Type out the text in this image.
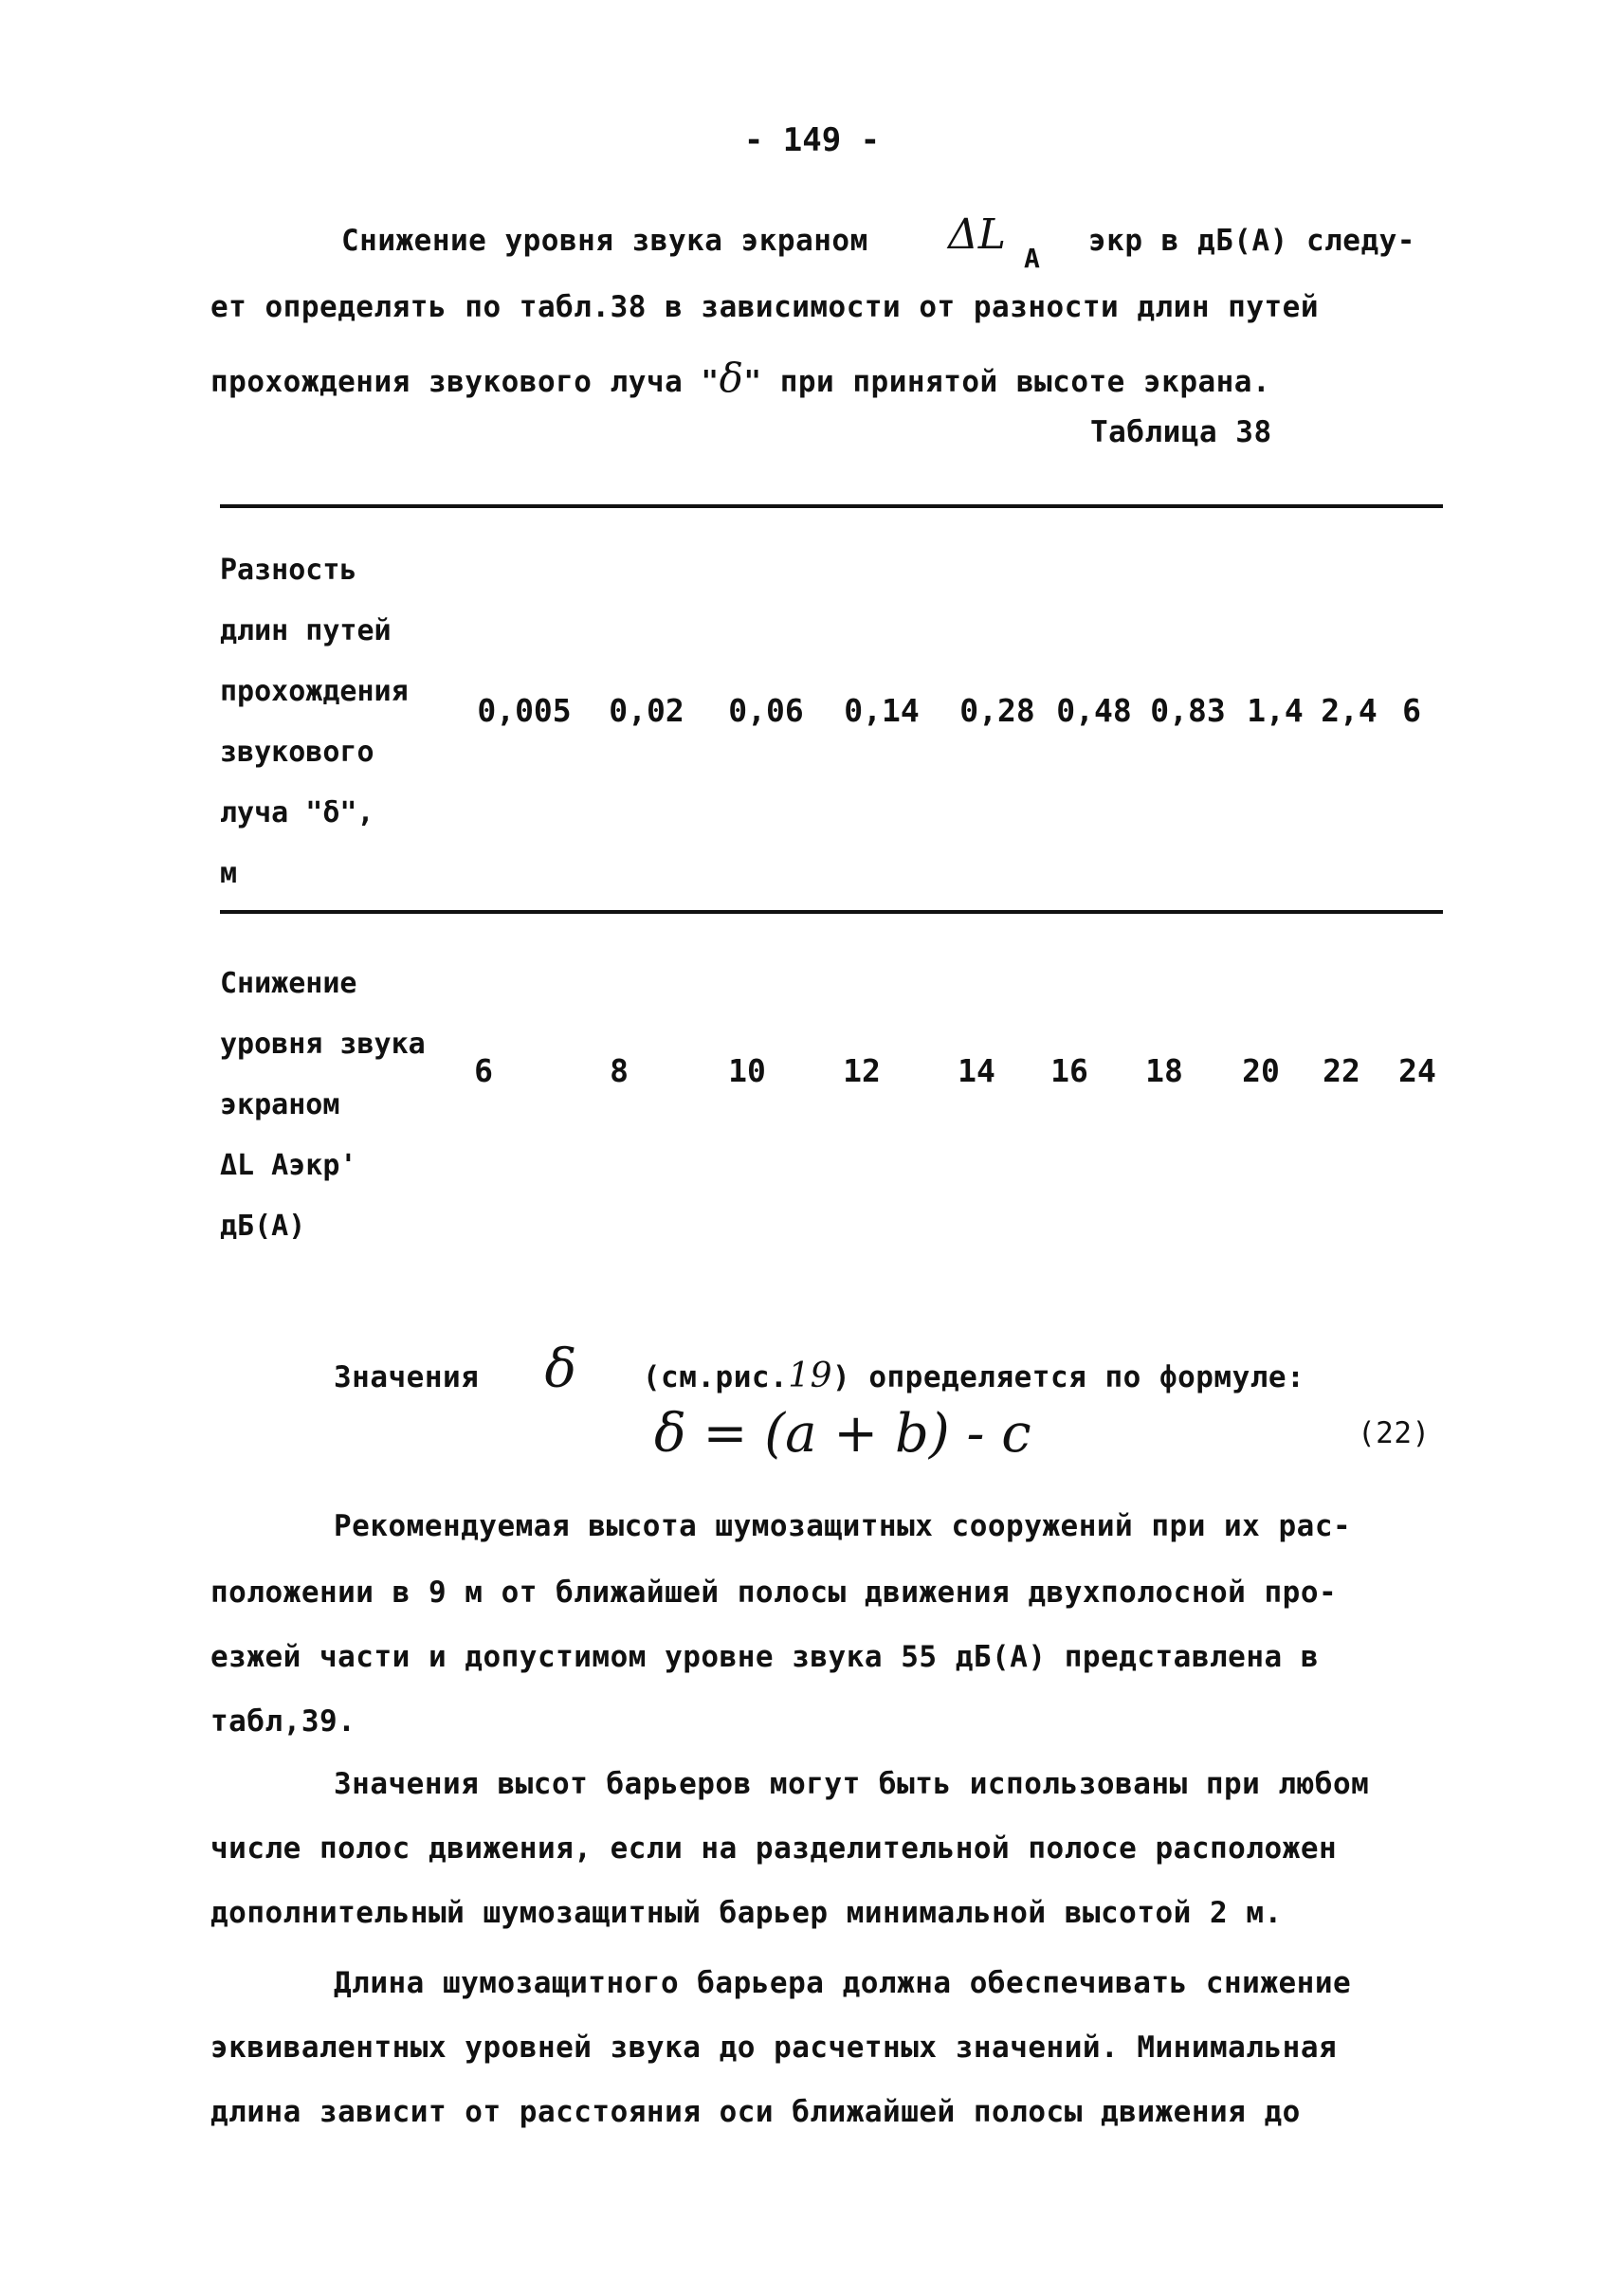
- 149 -
Снижение уровня звука экраном ΔL A
экр в дБ(А) следу-
ет определять по табл.38 в зависимости от разности длин путей
прохождения звукового луча "δ" при принятой высоте экрана.
Таблица 38
Разность
длин путей
прохождения
звукового
луча "δ",
м
0,005	0,02	0,06	0,14	0,28 0,48 0,83 1,4 2,4 6
Снижение
уровня звука
экраном
ΔL Аэкр'
дБ(А)
6	8	10	12	14	16	18	20	22	24
Значения δ (см.рис.19) определяется по формуле:
δ = (a + b) - c	(22)
Рекомендуемая высота шумозащитных сооружений при их рас-
положении в 9 м от ближайшей полосы движения двухполосной про-
езжей части и допустимом уровне звука 55 дБ(А) представлена в
табл,39.
Значения высот барьеров могут быть использованы при любом
числе полос движения, если на разделительной полосе расположен
дополнительный шумозащитный барьер минимальной высотой 2 м.
Длина шумозащитного барьера должна обеспечивать снижение
эквивалентных уровней звука до расчетных значений. Минимальная
длина зависит от расстояния оси ближайшей полосы движения до
